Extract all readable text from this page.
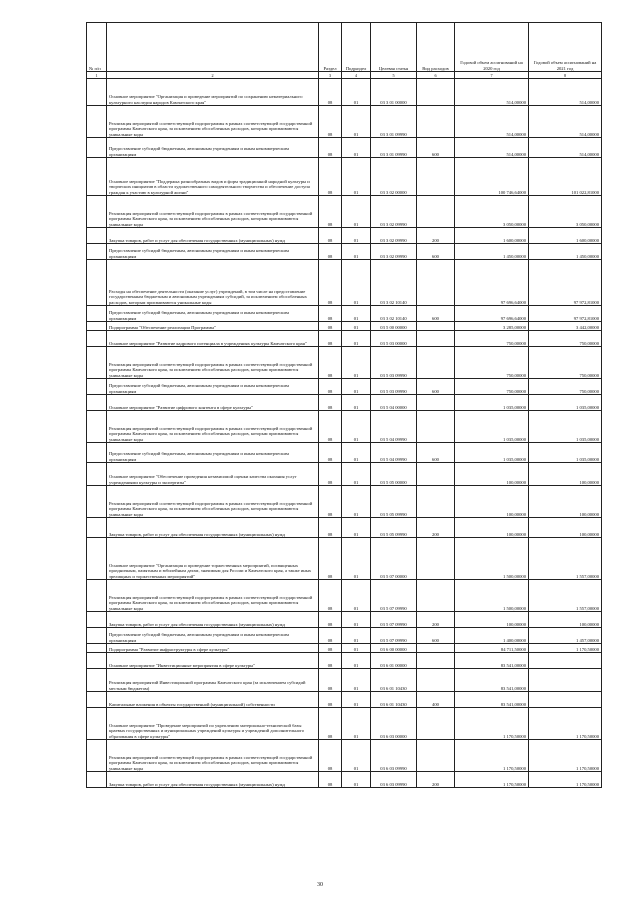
№ п/п		Раздел	Подраздел	Целевая статья	Вид расходов	Годовой объем ассигнований на 2020 год	Годовой объем ассигнований на 2021 год
1	2	3	4	5	6	7	8
	Основное мероприятие "Организация и проведение мероприятий по сохранению нематериального культурного наследия народов Камчатского края"	08	01	03 3 01 00000		514,00000	514,00000
	Реализация мероприятий соответствующей подпрограммы в рамках соответствующей государственной программы Камчатского края, за исключением обособленных расходов, которым присваиваются уникальные коды	08	01	03 3 01 09990		514,00000	514,00000
	Предоставление субсидий бюджетным, автономным учреждениям и иным некоммерческим организациям	08	01	03 3 01 09990	600	514,00000	514,00000
	Основное мероприятие "Поддержка разнообразных видов и форм традиционной народной культуры и творческих инициатив в области художественного самодеятельного творчества и обеспечение доступа граждан к участию в культурной жизни"	08	01	03 3 02 00000		100 746,64000	101 022,81000
	Реализация мероприятий соответствующей подпрограммы в рамках соответствующей государственной программы Камчатского края, за исключением обособленных расходов, которым присваиваются уникальные коды	08	01	03 3 02 09990		3 050,00000	3 050,00000
	Закупка товаров, работ и услуг для обеспечения государственных (муниципальных) нужд	08	01	03 3 02 09990	200	1 600,00000	1 600,00000
	Предоставление субсидий бюджетным, автономным учреждениям и иным некоммерческим организациям	08	01	03 3 02 09990	600	1 450,00000	1 450,00000
	Расходы на обеспечение деятельности (оказание услуг) учреждений, в том числе на предоставление государственным бюджетным и автономным учреждениям субсидий, за исключением обособленных расходов, которым присваиваются уникальные коды	08	01	03 3 02 10140		97 696,64000	97 972,81000
	Предоставление субсидий бюджетным, автономным учреждениям и иным некоммерческим организациям	08	01	03 3 02 10140	600	97 696,64000	97 972,81000
	Подпрограмма "Обеспечение реализации Программы"	08	01	03 5 00 00000		3 285,00000	3 442,00000
	Основное мероприятие "Развитие кадрового потенциала в учреждениях культуры Камчатского края"	08	01	03 5 03 00000		750,00000	750,00000
	Реализация мероприятий соответствующей подпрограммы в рамках соответствующей государственной программы Камчатского края, за исключением обособленных расходов, которым присваиваются уникальные коды	08	01	03 5 03 09990		750,00000	750,00000
	Предоставление субсидий бюджетным, автономным учреждениям и иным некоммерческим организациям	08	01	03 5 03 09990	600	750,00000	750,00000
	Основное мероприятие "Развитие цифрового контента в сфере культуры"	08	01	03 5 04 00000		1 035,00000	1 035,00000
	Реализация мероприятий соответствующей подпрограммы в рамках соответствующей государственной программы Камчатского края, за исключением обособленных расходов, которым присваиваются уникальные коды	08	01	03 5 04 09990		1 035,00000	1 035,00000
	Предоставление субсидий бюджетным, автономным учреждениям и иным некоммерческим организациям	08	01	03 5 04 09990	600	1 035,00000	1 035,00000
	Основное мероприятие "Обеспечение проведения независимой оценки качества оказания услуг учреждениями культуры и экспертизы"	08	01	03 5 05 00000		100,00000	100,00000
	Реализация мероприятий соответствующей подпрограммы в рамках соответствующей государственной программы Камчатского края, за исключением обособленных расходов, которым присваиваются уникальные коды	08	01	03 5 05 09990		100,00000	100,00000
	Закупка товаров, работ и услуг для обеспечения государственных (муниципальных) нужд	08	01	03 5 05 09990	200	100,00000	100,00000
	Основное мероприятие "Организация и проведение торжественных мероприятий, посвященных праздничным, памятным и юбилейным датам, значимым для России и Камчатского края, а также иных зрелищных и торжественных мероприятий"	08	01	03 5 07 00000		1 500,00000	1 557,00000
	Реализация мероприятий соответствующей подпрограммы в рамках соответствующей государственной программы Камчатского края, за исключением обособленных расходов, которым присваиваются уникальные коды	08	01	03 5 07 09990		1 500,00000	1 557,00000
	Закупка товаров, работ и услуг для обеспечения государственных (муниципальных) нужд	08	01	03 5 07 09990	200	100,00000	100,00000
	Предоставление субсидий бюджетным, автономным учреждениям и иным некоммерческим организациям	08	01	03 5 07 09990	600	1 400,00000	1 457,00000
	Подпрограмма "Развитие инфраструктуры в сфере культуры"	08	01	03 6 00 00000		84 711,50000	1 170,50000
	Основное мероприятие "Инвестиционные мероприятия в сфере культуры"	08	01	03 6 01 00000		83 541,00000	
	Реализация мероприятий Инвестиционной программы Камчатского края (за исключением субсидий местным бюджетам)	08	01	03 6 01 10430		83 541,00000	
	Капитальные вложения в объекты государственной (муниципальной) собственности	08	01	03 6 01 10430	400	83 541,00000	
	Основное мероприятие "Проведение мероприятий по укреплению материально-технической базы краевых государственных и муниципальных учреждений культуры и учреждений дополнительного образования в сфере культуры"	08	01	03 6 03 00000		1 170,50000	1 170,50000
	Реализация мероприятий соответствующей подпрограммы в рамках соответствующей государственной программы Камчатского края, за исключением обособленных расходов, которым присваиваются уникальные коды	08	01	03 6 03 09990		1 170,50000	1 170,50000
	Закупка товаров, работ и услуг для обеспечения государственных (муниципальных) нужд	08	01	03 6 03 09990	200	1 170,50000	1 170,50000
30
